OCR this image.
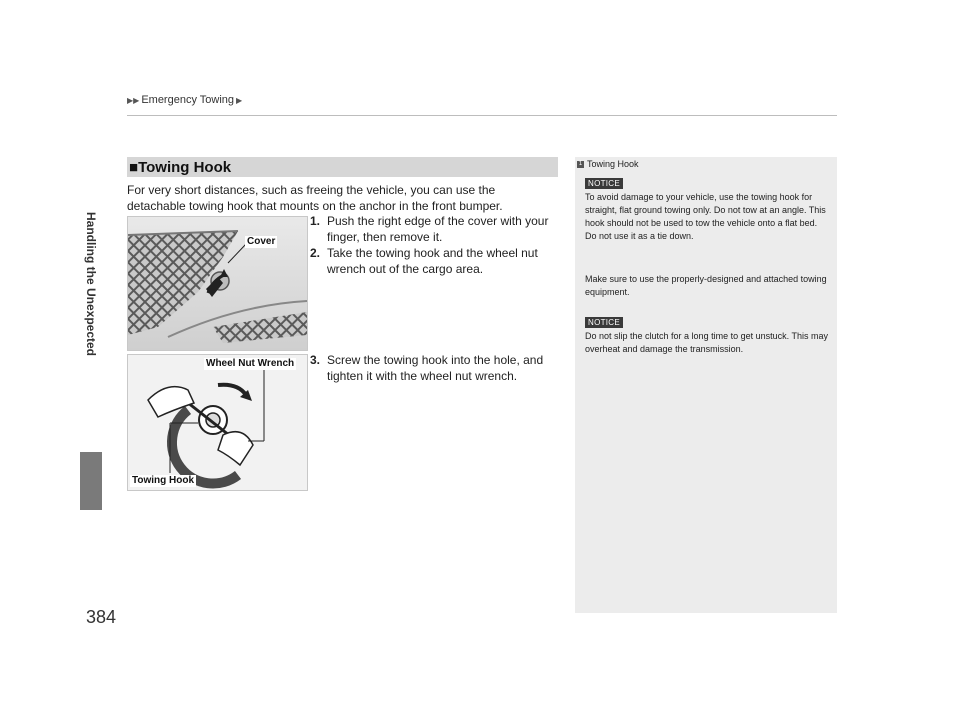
▶▶ Emergency Towing ▶
Handling the Unexpected
384
■Towing Hook
For very short distances, such as freeing the vehicle, you can use the detachable towing hook that mounts on the anchor in the front bumper.
1. Push the right edge of the cover with your finger, then remove it.
2. Take the towing hook and the wheel nut wrench out of the cargo area.
3. Screw the towing hook into the hole, and tighten it with the wheel nut wrench.
Cover
Wheel Nut Wrench
Towing Hook
1 Towing Hook
NOTICE
To avoid damage to your vehicle, use the towing hook for straight, flat ground towing only. Do not tow at an angle. This hook should not be used to tow the vehicle onto a flat bed. Do not use it as a tie down.
Make sure to use the properly-designed and attached towing equipment.
NOTICE
Do not slip the clutch for a long time to get unstuck. This may overheat and damage the transmission.
